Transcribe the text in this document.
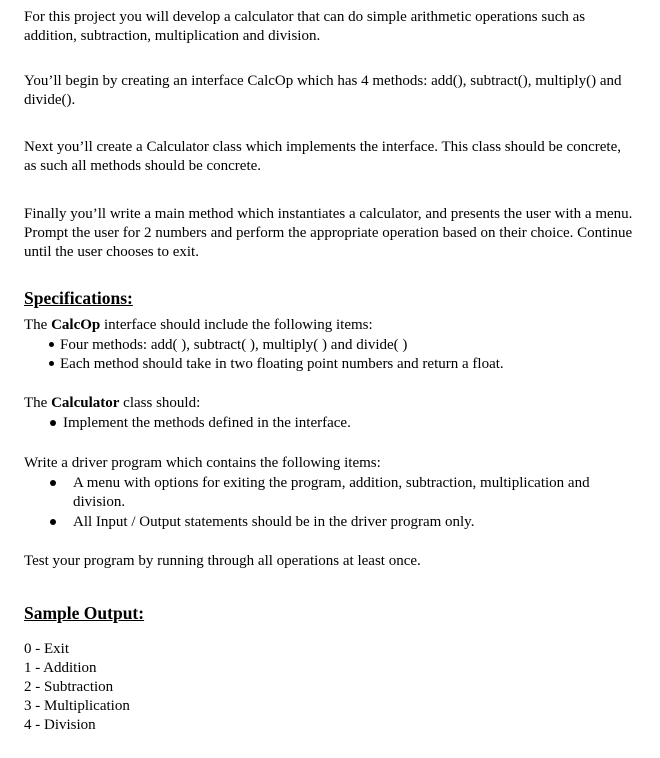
For this project you will develop a calculator that can do simple arithmetic operations such as addition, subtraction, multiplication and division.

You’ll begin by creating an interface CalcOp which has 4 methods: add(), subtract(), multiply() and divide().

Next you’ll create a Calculator class which implements the interface. This class should be concrete, as such all methods should be concrete.

Finally you’ll write a main method which instantiates a calculator, and presents the user with a menu. Prompt the user for 2 numbers and perform the appropriate operation based on their choice. Continue until the user chooses to exit.

Specifications:

The CalcOp interface should include the following items:

Four methods: add( ), subtract( ), multiply( ) and divide( )
Each method should take in two floating point numbers and return a float.

The Calculator class should:

Implement the methods defined in the interface.

Write a driver program which contains the following items:

A menu with options for exiting the program, addition, subtraction, multiplication and division.
All Input / Output statements should be in the driver program only.

Test your program by running through all operations at least once.

Sample Output:
0 - Exit
1 - Addition
2 - Subtraction
3 - Multiplication
4 - Division
